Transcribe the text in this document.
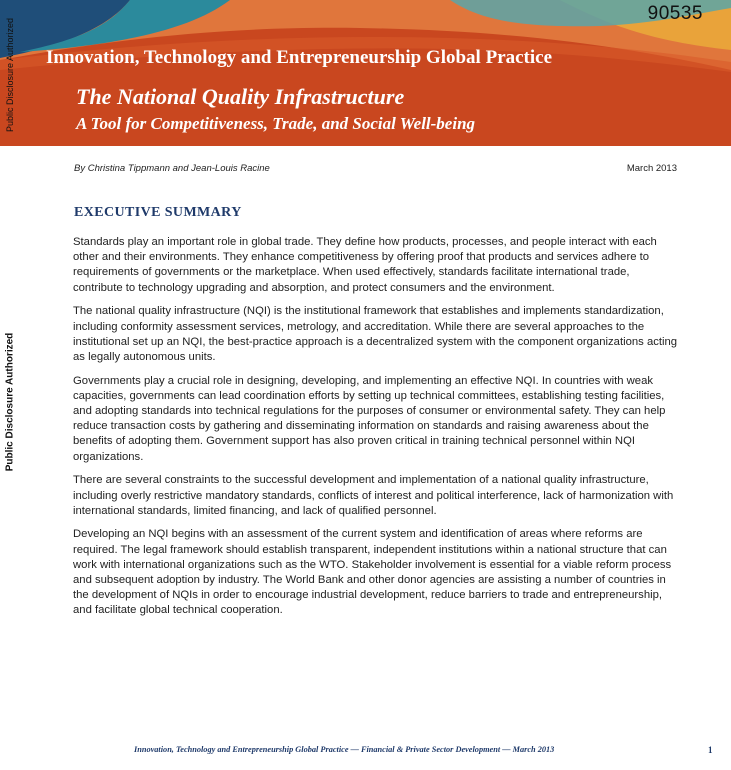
90535
Innovation, Technology and Entrepreneurship Global Practice
The National Quality Infrastructure
A Tool for Competitiveness, Trade, and Social Well-being
Public Disclosure Authorized
Public Disclosure Authorized
By Christina Tippmann and Jean-Louis Racine	March 2013
EXECUTIVE SUMMARY

Standards play an important role in global trade. They define how products, processes, and people interact with each other and their environments. They enhance competitiveness by offering proof that products and services adhere to requirements of governments or the marketplace. When used effectively, standards facilitate international trade, contribute to technology upgrading and absorption, and protect consumers and the environment.

The national quality infrastructure (NQI) is the institutional framework that establishes and implements standardization, including conformity assessment services, metrology, and accreditation. While there are several approaches to the institutional set up an NQI, the best-practice approach is a decentralized system with the component organizations acting as legally autonomous units.

Governments play a crucial role in designing, developing, and implementing an effective NQI. In countries with weak capacities, governments can lead coordination efforts by setting up technical committees, establishing testing facilities, and adopting standards into technical regulations for the purposes of consumer or environmental safety. They can help reduce transaction costs by gathering and disseminating information on standards and raising awareness about the benefits of adopting them. Government support has also proven critical in training technical personnel within NQI organizations.

There are several constraints to the successful development and implementation of a national quality infrastructure, including overly restrictive mandatory standards, conflicts of interest and political interference, lack of harmonization with international standards, limited financing, and lack of qualified personnel.

Developing an NQI begins with an assessment of the current system and identification of areas where reforms are required. The legal framework should establish transparent, independent institutions within a national structure that can work with international organizations such as the WTO. Stakeholder involvement is essential for a viable reform process and subsequent adoption by industry. The World Bank and other donor agencies are assisting a number of countries in the development of NQIs in order to encourage industrial development, reduce barriers to trade and entrepreneurship, and facilitate global technical cooperation.

Innovation, Technology and Entrepreneurship Global Practice — Financial & Private Sector Development — March 2013	1
